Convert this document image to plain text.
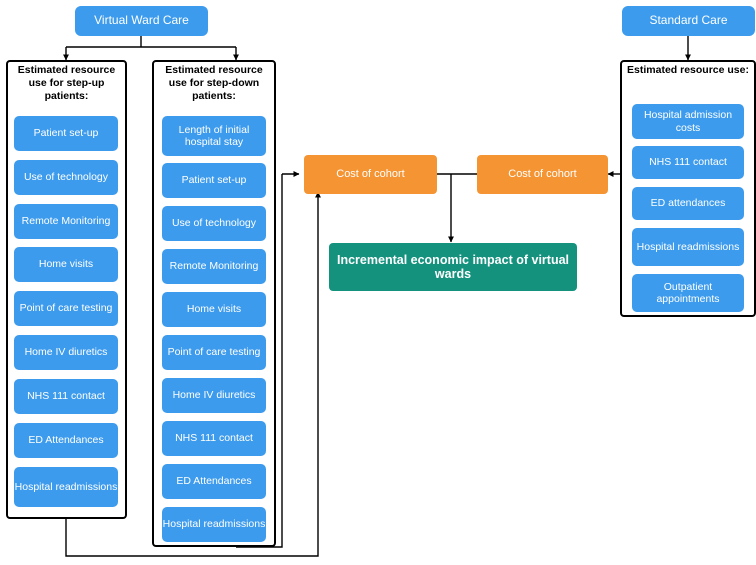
Virtual Ward Care	Standard Care
Estimated resource use for step-up patients:
Estimated resource use for step-down patients:
Estimated resource use:
Patient set-up
Use of technology
Remote Monitoring
Home visits
Point of care testing
Home IV diuretics
NHS 111 contact
ED Attendances
Hospital readmissions
Length of initial hospital stay
Patient set-up
Use of technology
Remote Monitoring
Home visits
Point of care testing
Home IV diuretics
NHS 111 contact
ED Attendances
Hospital readmissions
Hospital admission costs
NHS 111 contact
ED attendances
Hospital readmissions
Outpatient appointments
Cost of cohort	Cost of cohort
Incremental economic impact of virtual wards
